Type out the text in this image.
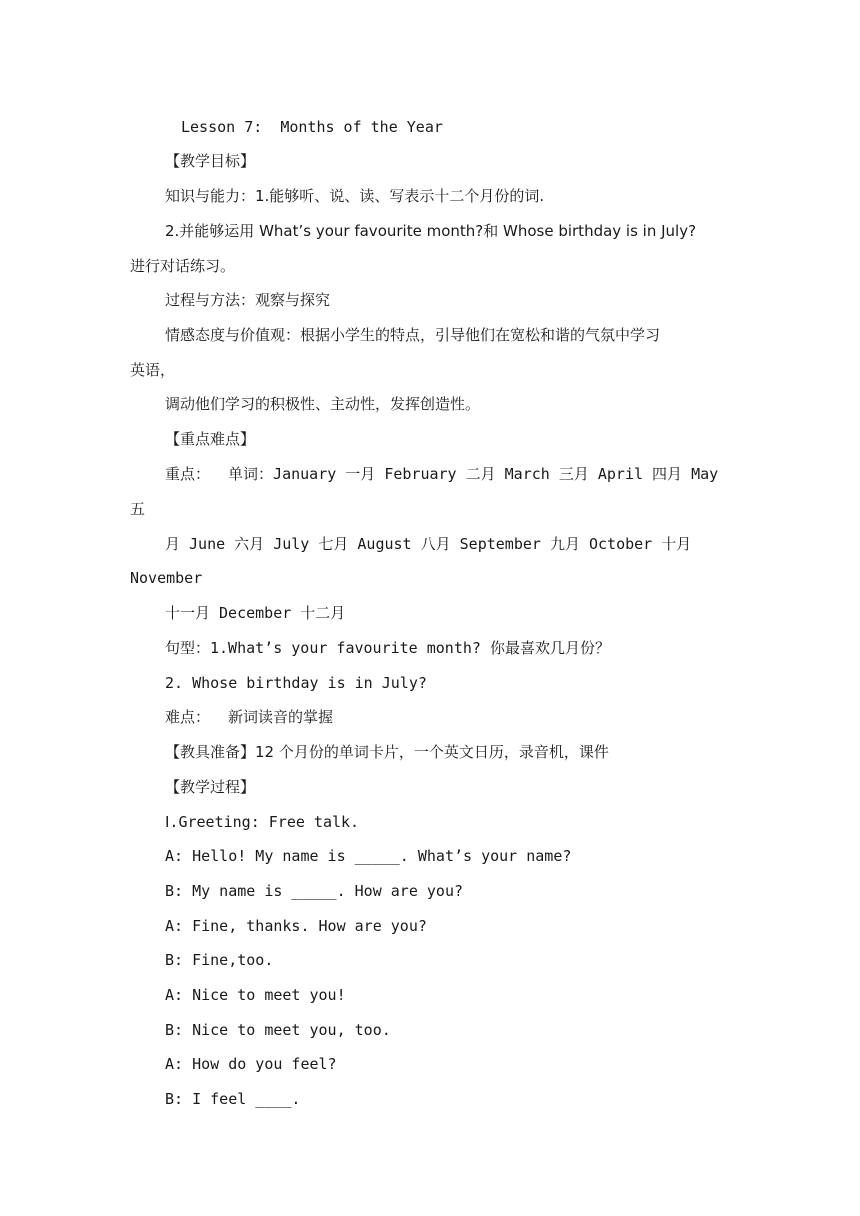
Lesson 7:  Months of the Year
【教学目标】
知识与能力：1.能够听、说、读、写表示十二个月份的词.
2.并能够运用 What’s your favourite month?和 Whose birthday is in July?
进行对话练习。
过程与方法：观察与探究
情感态度与价值观：根据小学生的特点，引导他们在宽松和谐的气氛中学习
英语，
调动他们学习的积极性、主动性，发挥创造性。
【重点难点】
重点：  单词：January 一月 February 二月 March 三月 April 四月 May
五
月 June 六月 July 七月 August 八月 September 九月 October 十月
November
十一月 December 十二月
句型：1.What’s your favourite month? 你最喜欢几月份？
2. Whose birthday is in July?
难点：  新词读音的掌握
【教具准备】12 个月份的单词卡片，一个英文日历，录音机，课件
【教学过程】
Ⅰ.Greeting: Free talk.
A: Hello! My name is _____. What’s your name?
B: My name is _____. How are you?
A: Fine, thanks. How are you?
B: Fine,too.
A: Nice to meet you!
B: Nice to meet you, too.
A: How do you feel?
B: I feel ____.
